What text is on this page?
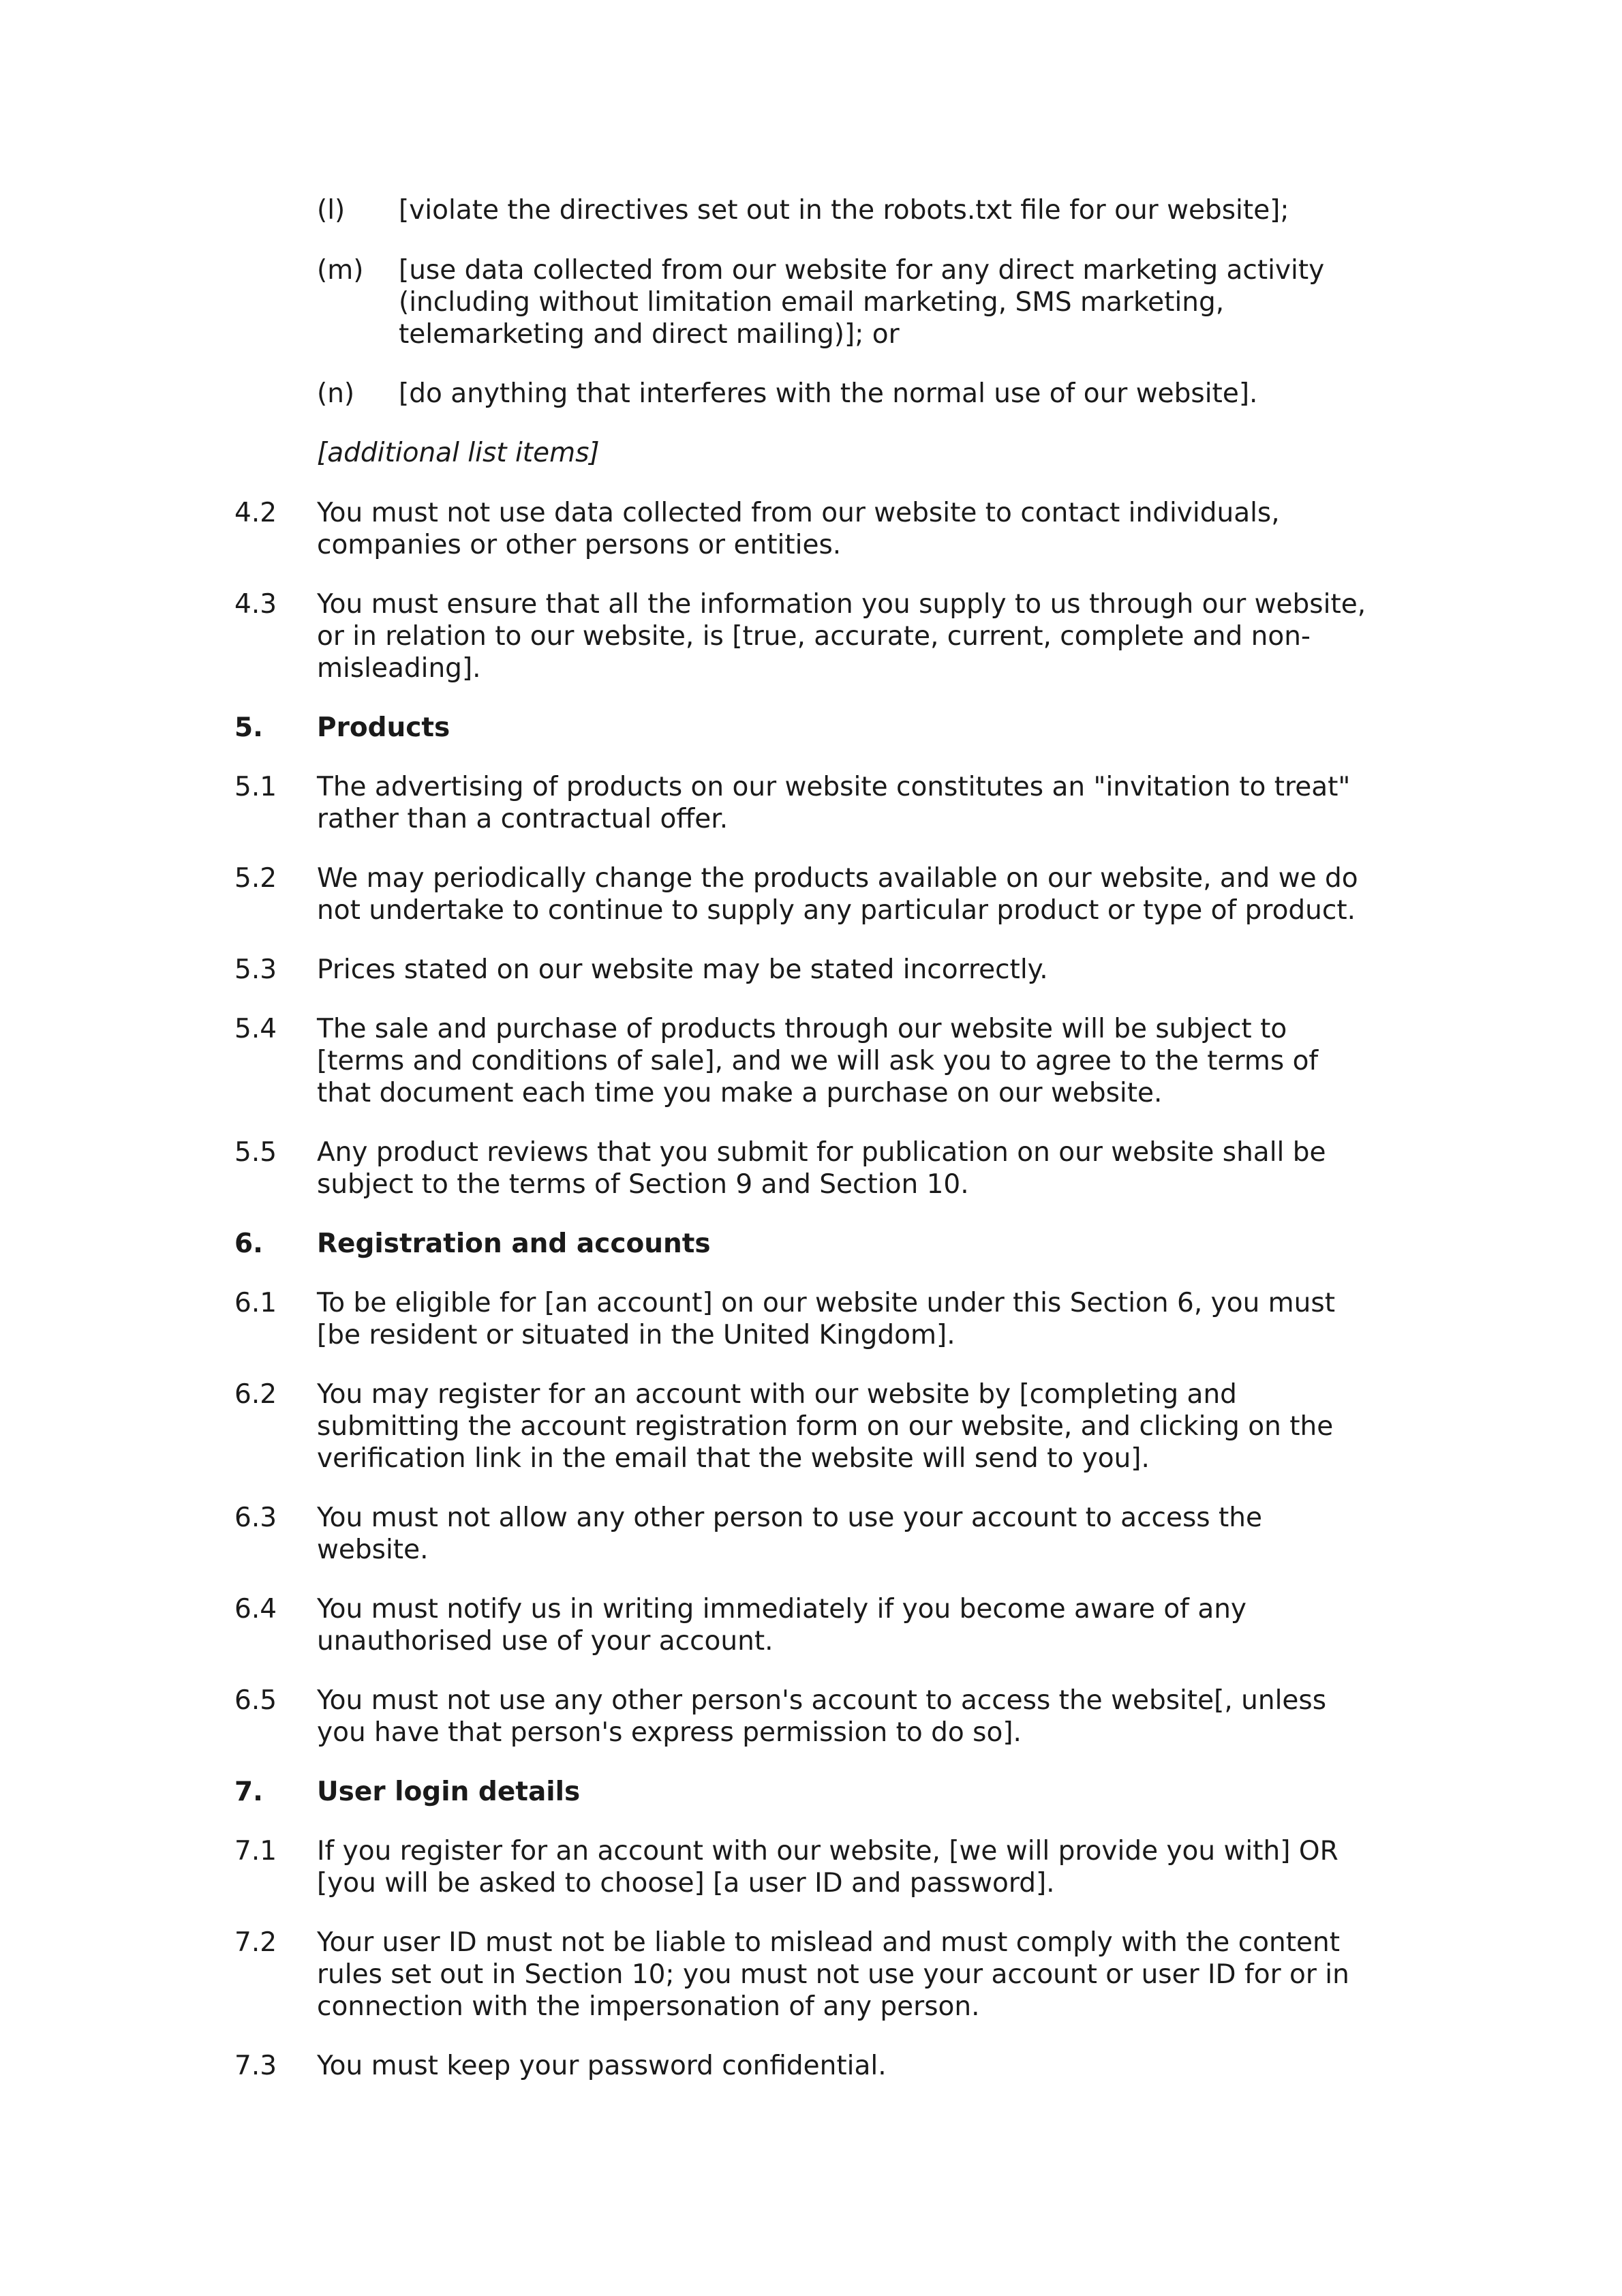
(l) [violate the directives set out in the robots.txt file for our website];
(m) [use data collected from our website for any direct marketing activity
(including without limitation email marketing, SMS marketing,
telemarketing and direct mailing)]; or
(n) [do anything that interferes with the normal use of our website].
[additional list items]
4.2 You must not use data collected from our website to contact individuals,
companies or other persons or entities.
4.3 You must ensure that all the information you supply to us through our website,
or in relation to our website, is [true, accurate, current, complete and non-
misleading].
5. Products
5.1 The advertising of products on our website constitutes an "invitation to treat"
rather than a contractual offer.
5.2 We may periodically change the products available on our website, and we do
not undertake to continue to supply any particular product or type of product.
5.3 Prices stated on our website may be stated incorrectly.
5.4 The sale and purchase of products through our website will be subject to
[terms and conditions of sale], and we will ask you to agree to the terms of
that document each time you make a purchase on our website.
5.5 Any product reviews that you submit for publication on our website shall be
subject to the terms of Section 9 and Section 10.
6. Registration and accounts
6.1 To be eligible for [an account] on our website under this Section 6, you must
[be resident or situated in the United Kingdom].
6.2 You may register for an account with our website by [completing and
submitting the account registration form on our website, and clicking on the
verification link in the email that the website will send to you].
6.3 You must not allow any other person to use your account to access the
website.
6.4 You must notify us in writing immediately if you become aware of any
unauthorised use of your account.
6.5 You must not use any other person's account to access the website[, unless
you have that person's express permission to do so].
7. User login details
7.1 If you register for an account with our website, [we will provide you with] OR
[you will be asked to choose] [a user ID and password].
7.2 Your user ID must not be liable to mislead and must comply with the content
rules set out in Section 10; you must not use your account or user ID for or in
connection with the impersonation of any person.
7.3 You must keep your password confidential.
